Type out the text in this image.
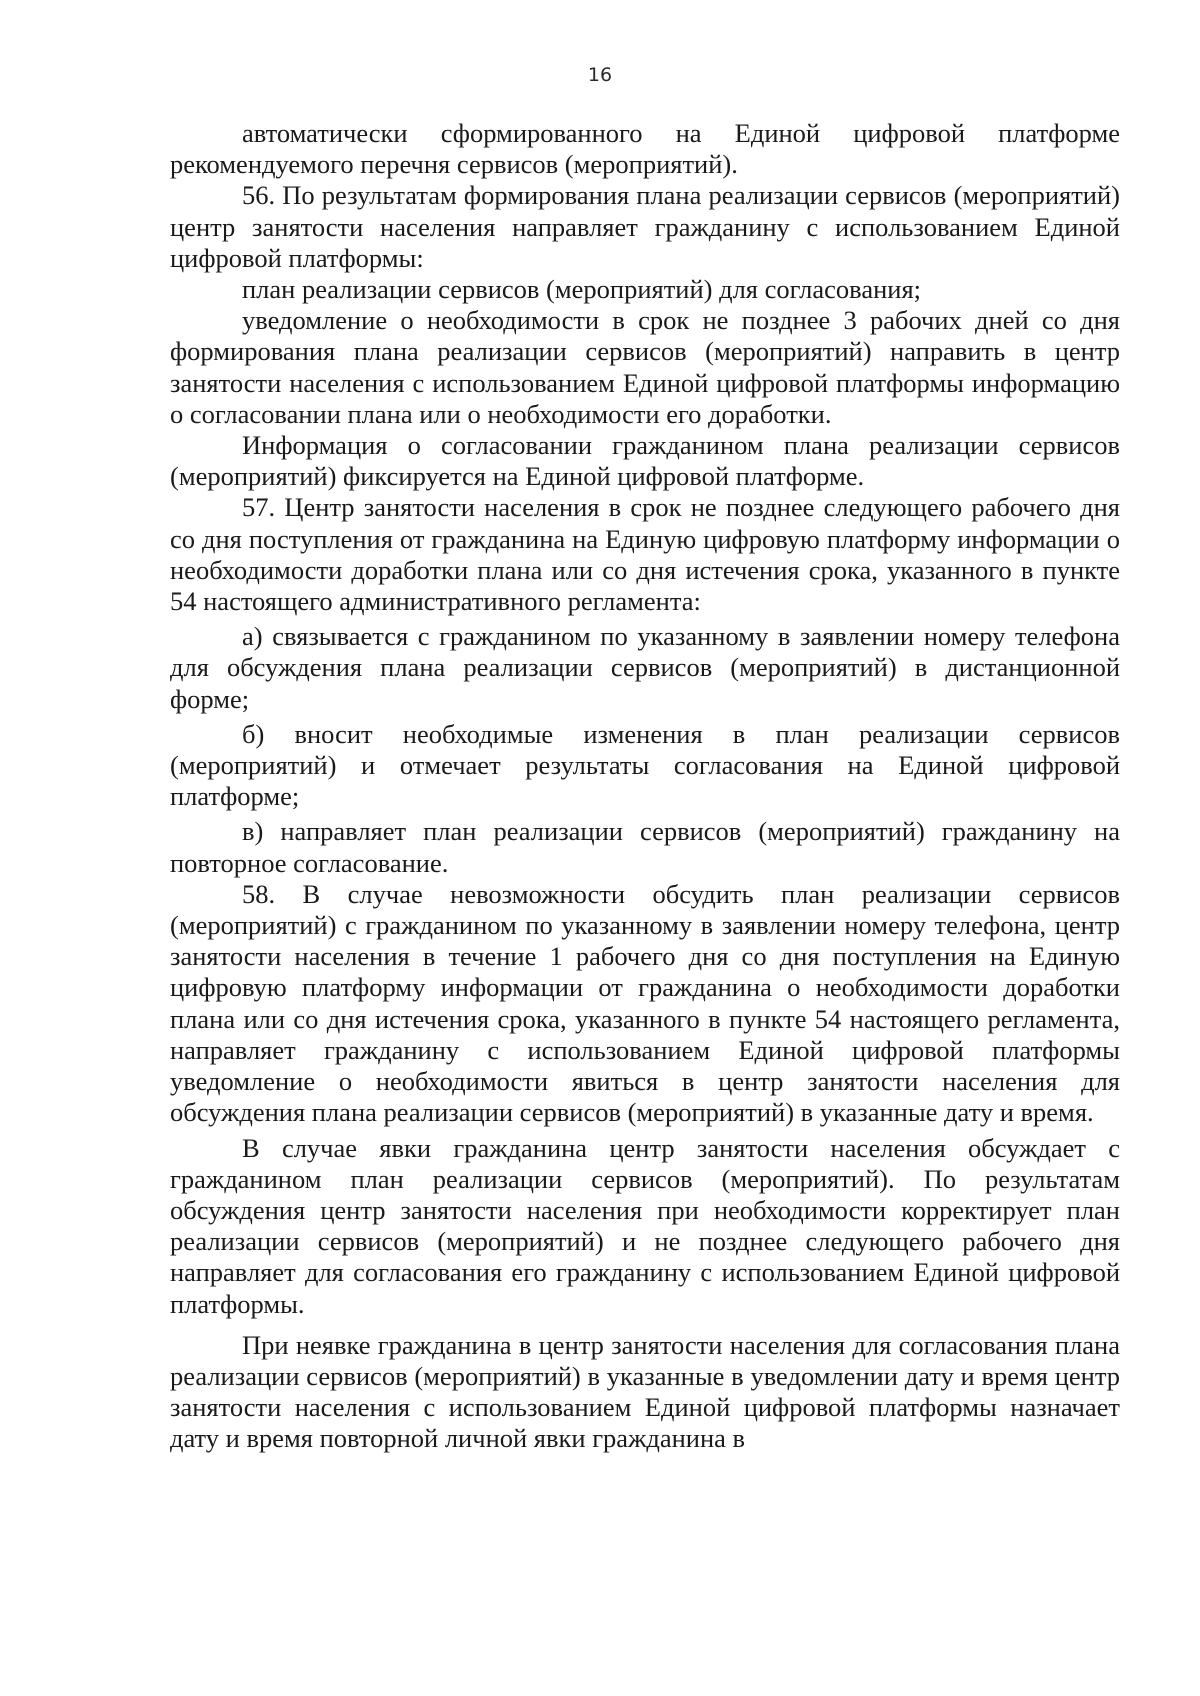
16

автоматически сформированного на Единой цифровой платформе рекомендуемого перечня сервисов (мероприятий).

56. По результатам формирования плана реализации сервисов (мероприятий) центр занятости населения направляет гражданину с использованием Единой цифровой платформы:

план реализации сервисов (мероприятий) для согласования;

уведомление о необходимости в срок не позднее 3 рабочих дней со дня формирования плана реализации сервисов (мероприятий) направить в центр занятости населения с использованием Единой цифровой платформы информацию о согласовании плана или о необходимости его доработки.

Информация о согласовании гражданином плана реализации сервисов (мероприятий) фиксируется на Единой цифровой платформе.

57. Центр занятости населения в срок не позднее следующего рабочего дня со дня поступления от гражданина на Единую цифровую платформу информации о необходимости доработки плана или со дня истечения срока, указанного в пункте 54 настоящего административного регламента:

а) связывается с гражданином по указанному в заявлении номеру телефона для обсуждения плана реализации сервисов (мероприятий) в дистанционной форме;

б) вносит необходимые изменения в план реализации сервисов (мероприятий) и отмечает результаты согласования на Единой цифровой платформе;

в) направляет план реализации сервисов (мероприятий) гражданину на повторное согласование.

58. В случае невозможности обсудить план реализации сервисов (мероприятий) с гражданином по указанному в заявлении номеру телефона, центр занятости населения в течение 1 рабочего дня со дня поступления на Единую цифровую платформу информации от гражданина о необходимости доработки плана или со дня истечения срока, указанного в пункте 54 настоящего регламента, направляет гражданину с использованием Единой цифровой платформы уведомление о необходимости явиться в центр занятости населения для обсуждения плана реализации сервисов (мероприятий) в указанные дату и время.

В случае явки гражданина центр занятости населения обсуждает с гражданином план реализации сервисов (мероприятий). По результатам обсуждения центр занятости населения при необходимости корректирует план реализации сервисов (мероприятий) и не позднее следующего рабочего дня направляет для согласования его гражданину с использованием Единой цифровой платформы.

При неявке гражданина в центр занятости населения для согласования плана реализации сервисов (мероприятий) в указанные в уведомлении дату и время центр занятости населения с использованием Единой цифровой платформы назначает дату и время повторной личной явки гражданина в
